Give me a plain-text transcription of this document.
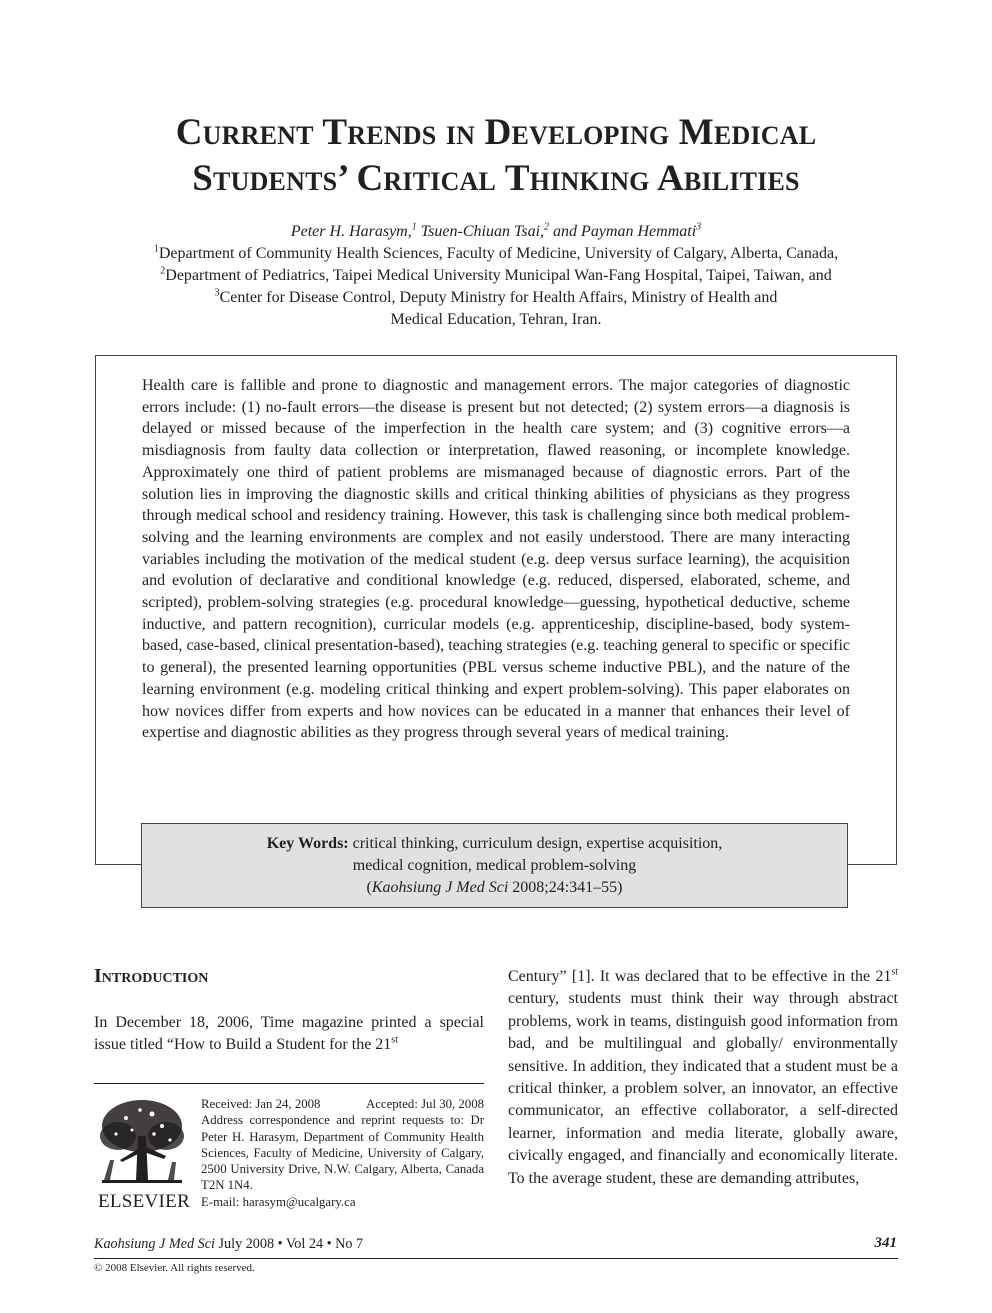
Current Trends in Developing Medical
Students’ Critical Thinking Abilities
Peter H. Harasym,$^1$ Tsuen-Chiuan Tsai,$^2$ and Payman Hemmati$^3$
$^1$Department of Community Health Sciences, Faculty of Medicine, University of Calgary, Alberta, Canada,
$^2$Department of Pediatrics, Taipei Medical University Municipal Wan-Fang Hospital, Taipei, Taiwan, and
$^3$Center for Disease Control, Deputy Ministry for Health Affairs, Ministry of Health and
Medical Education, Tehran, Iran.
Health care is fallible and prone to diagnostic and management errors. The major categories of diagnostic errors include: (1) no-fault errors—the disease is present but not detected; (2) system errors—a diagnosis is delayed or missed because of the imperfection in the health care system; and (3) cognitive errors—a misdiagnosis from faulty data collection or interpretation, flawed reasoning, or incomplete knowledge. Approximately one third of patient problems are mismanaged because of diagnostic errors. Part of the solution lies in improving the diagnostic skills and critical thinking abilities of physicians as they progress through medical school and residency training. However, this task is challenging since both medical problem-solving and the learning environments are complex and not easily understood. There are many interacting variables including the motivation of the medical student (e.g. deep versus surface learning), the acquisition and evolution of declarative and conditional knowledge (e.g. reduced, dispersed, elaborated, scheme, and scripted), problem-solving strategies (e.g. procedural knowledge—guessing, hypothetical deductive, scheme inductive, and pattern recognition), curricular models (e.g. apprenticeship, discipline-based, body system-based, case-based, clinical presentation-based), teaching strategies (e.g. teaching general to specific or specific to general), the presented learning opportunities (PBL versus scheme inductive PBL), and the nature of the learning environment (e.g. modeling critical thinking and expert problem-solving). This paper elaborates on how novices differ from experts and how novices can be educated in a manner that enhances their level of expertise and diagnostic abilities as they progress through several years of medical training.
Key Words: critical thinking, curriculum design, expertise acquisition,
medical cognition, medical problem-solving
(Kaohsiung J Med Sci 2008;24:341–55)
Introduction
In December 18, 2006, Time magazine printed a special issue titled “How to Build a Student for the 21st
Century” [1]. It was declared that to be effective in the 21st century, students must think their way through abstract problems, work in teams, distinguish good information from bad, and be multilingual and globally/ environmentally sensitive. In addition, they indicated that a student must be a critical thinker, a problem solver, an innovator, an effective communicator, an effective collaborator, a self-directed learner, information and media literate, globally aware, civically engaged, and financially and economically literate. To the average student, these are demanding attributes,
ELSEVIER
Received: Jan 24, 2008	Accepted: Jul 30, 2008
Address correspondence and reprint requests to: Dr Peter H. Harasym, Department of Community Health Sciences, Faculty of Medicine, University of Calgary, 2500 University Drive, N.W. Calgary, Alberta, Canada T2N 1N4.
E-mail: harasym@ucalgary.ca
Kaohsiung J Med Sci July 2008 • Vol 24 • No 7	341
© 2008 Elsevier. All rights reserved.
